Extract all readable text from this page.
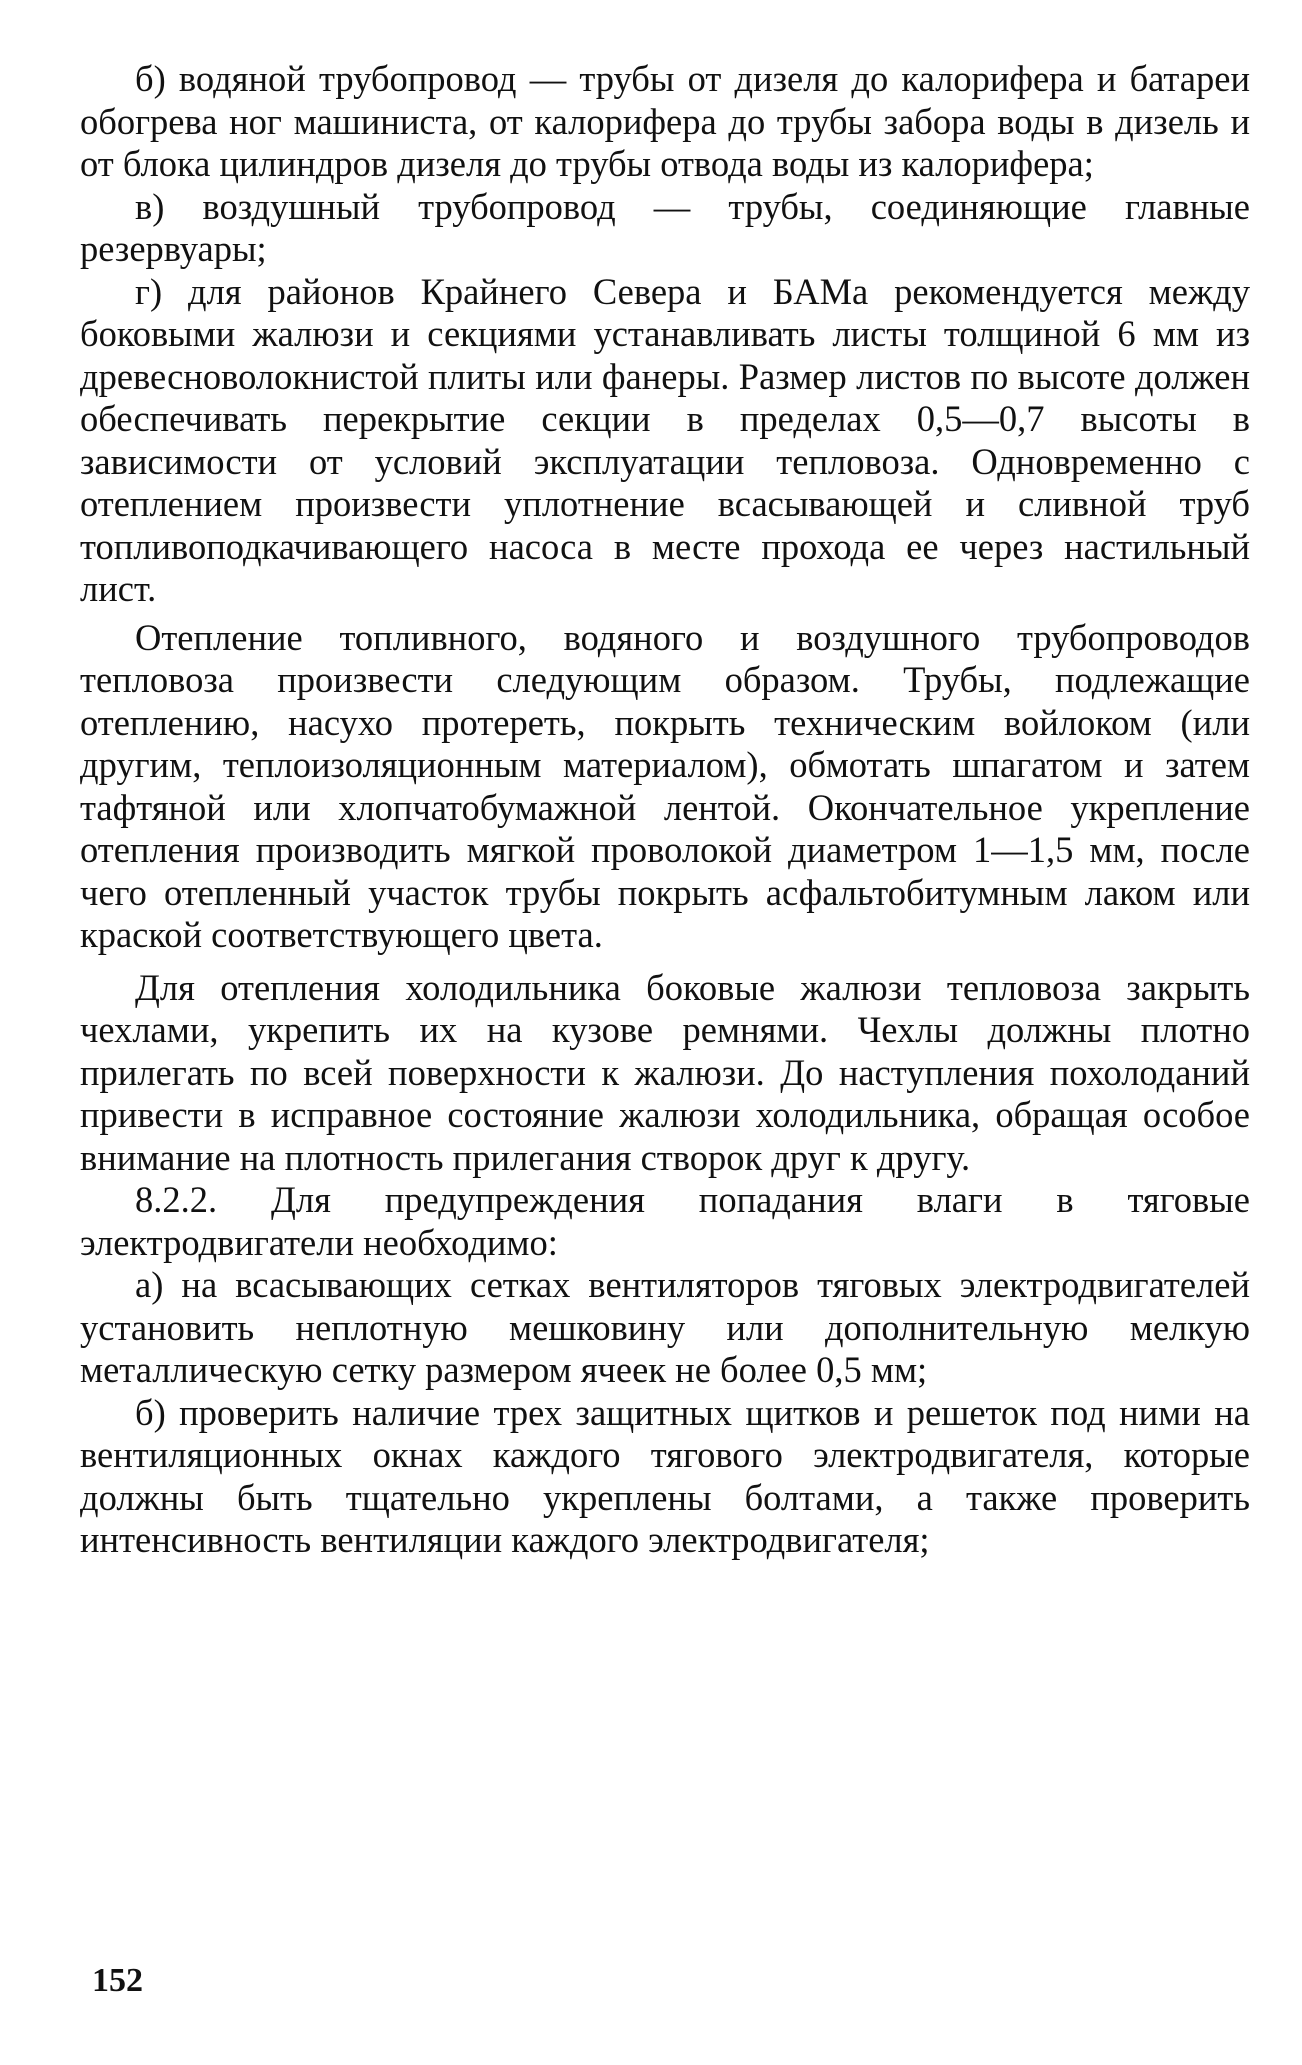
б) водяной трубопровод — трубы от дизеля до калорифера и батареи обогрева ног машиниста, от калорифера до трубы забора воды в дизель и от блока цилиндров дизеля до трубы отвода воды из калорифера;

в) воздушный трубопровод — трубы, соединяющие главные резервуары;

г) для районов Крайнего Севера и БАМа рекомендуется между боковыми жалюзи и секциями устанавливать листы толщиной 6 мм из древесноволокнистой плиты или фанеры. Размер листов по высоте должен обеспечивать перекрытие секции в пределах 0,5—0,7 высоты в зависимости от условий эксплуатации тепловоза. Одновременно с отеплением произвести уплотнение всасывающей и сливной труб топливоподкачивающего насоса в месте прохода ее через настильный лист.

Отепление топливного, водяного и воздушного трубопроводов тепловоза произвести следующим образом. Трубы, подлежащие отеплению, насухо протереть, покрыть техническим войлоком (или другим, теплоизоляционным материалом), обмотать шпагатом и затем тафтяной или хлопчатобумажной лентой. Окончательное укрепление отепления производить мягкой проволокой диаметром 1—1,5 мм, после чего отепленный участок трубы покрыть асфальтобитумным лаком или краской соответствующего цвета.

Для отепления холодильника боковые жалюзи тепловоза закрыть чехлами, укрепить их на кузове ремнями. Чехлы должны плотно прилегать по всей поверхности к жалюзи. До наступления похолоданий привести в исправное состояние жалюзи холодильника, обращая особое внимание на плотность прилегания створок друг к другу.

8.2.2. Для предупреждения попадания влаги в тяговые электродвигатели необходимо:

а) на всасывающих сетках вентиляторов тяговых электродвигателей установить неплотную мешковину или дополнительную мелкую металлическую сетку размером ячеек не более 0,5 мм;

б) проверить наличие трех защитных щитков и решеток под ними на вентиляционных окнах каждого тягового электродвигателя, которые должны быть тщательно укреплены болтами, а также проверить интенсивность вентиляции каждого электродвигателя;

152
